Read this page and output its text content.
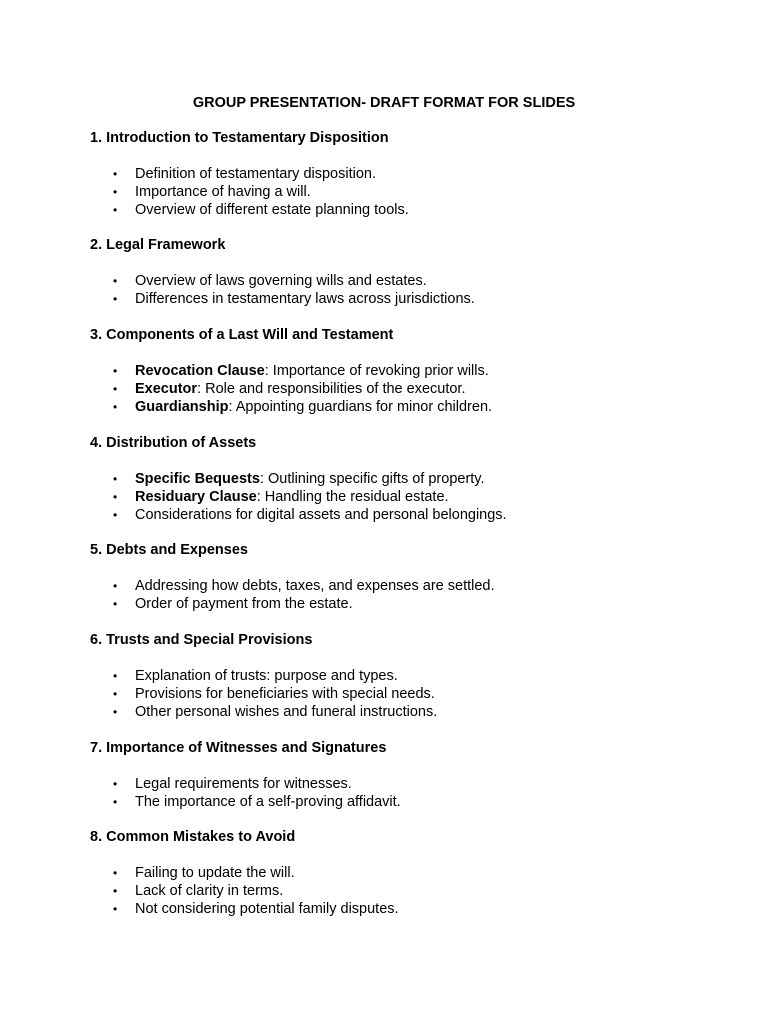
GROUP PRESENTATION- DRAFT FORMAT FOR SLIDES
1. Introduction to Testamentary Disposition
• Definition of testamentary disposition.
• Importance of having a will.
• Overview of different estate planning tools.
2. Legal Framework
• Overview of laws governing wills and estates.
• Differences in testamentary laws across jurisdictions.
3. Components of a Last Will and Testament
• Revocation Clause: Importance of revoking prior wills.
• Executor: Role and responsibilities of the executor.
• Guardianship: Appointing guardians for minor children.
4. Distribution of Assets
• Specific Bequests: Outlining specific gifts of property.
• Residuary Clause: Handling the residual estate.
• Considerations for digital assets and personal belongings.
5. Debts and Expenses
• Addressing how debts, taxes, and expenses are settled.
• Order of payment from the estate.
6. Trusts and Special Provisions
• Explanation of trusts: purpose and types.
• Provisions for beneficiaries with special needs.
• Other personal wishes and funeral instructions.
7. Importance of Witnesses and Signatures
• Legal requirements for witnesses.
• The importance of a self-proving affidavit.
8. Common Mistakes to Avoid
• Failing to update the will.
• Lack of clarity in terms.
• Not considering potential family disputes.
